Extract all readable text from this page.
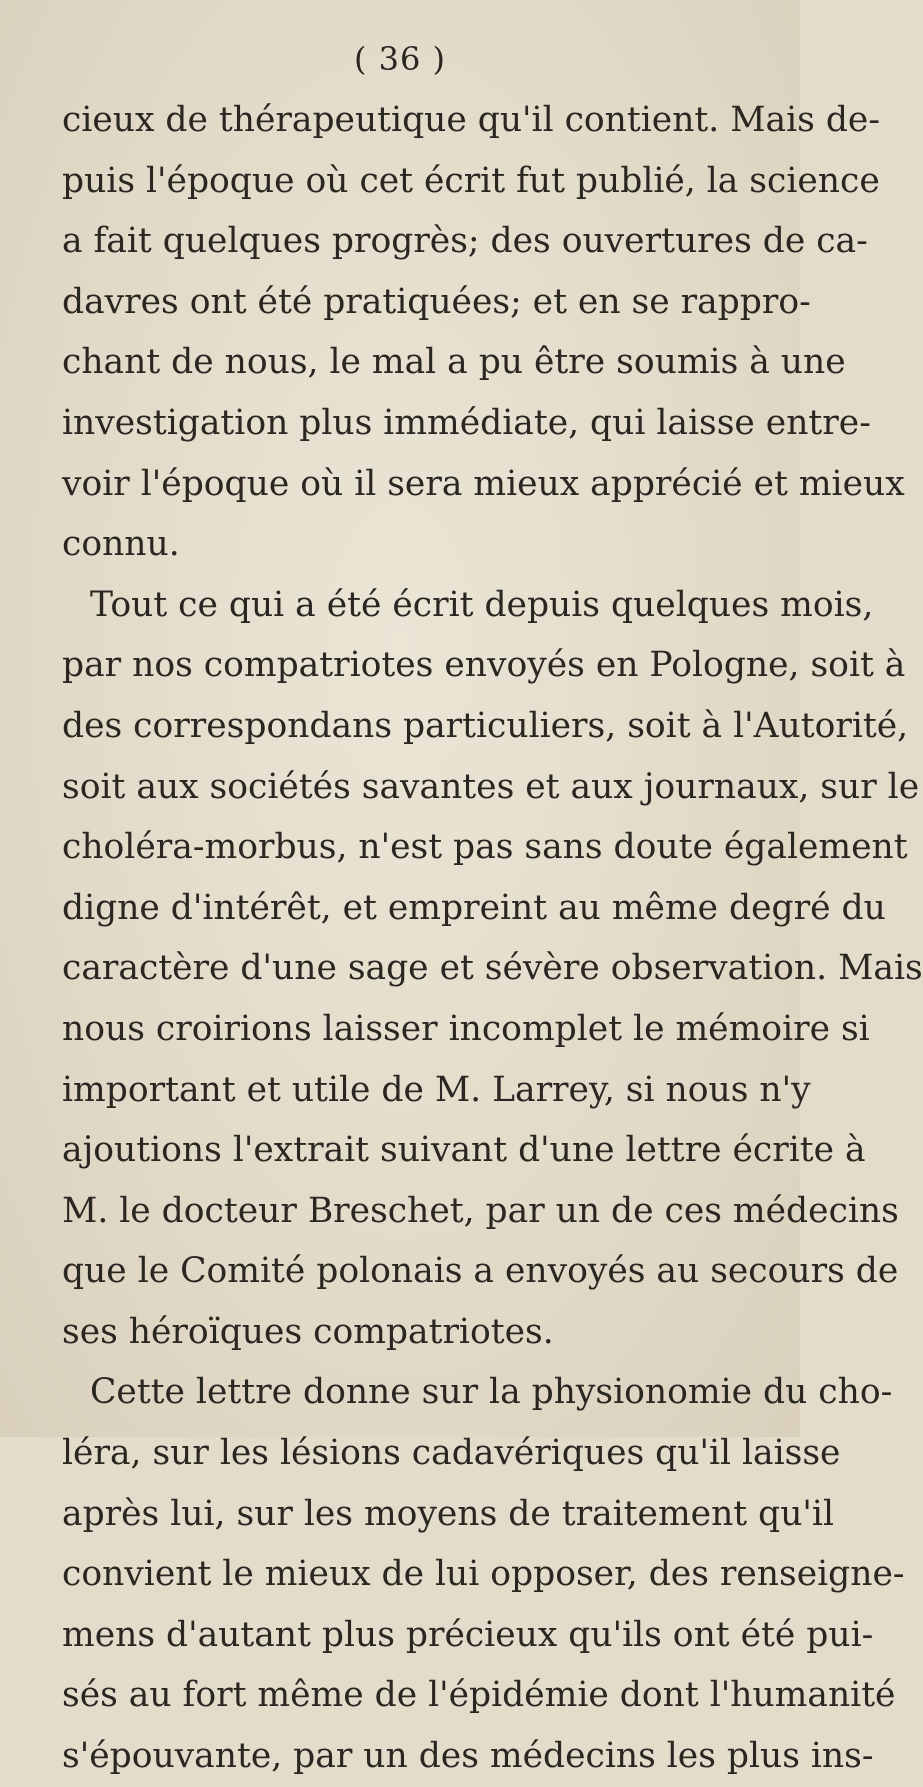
( 36 )
cieux de thérapeutique qu'il contient. Mais de-
puis l'époque où cet écrit fut publié, la science
a fait quelques progrès; des ouvertures de ca-
davres ont été pratiquées; et en se rappro-
chant de nous, le mal a pu être soumis à une
investigation plus immédiate, qui laisse entre-
voir l'époque où il sera mieux apprécié et mieux
connu.
Tout ce qui a été écrit depuis quelques mois,
par nos compatriotes envoyés en Pologne, soit à
des correspondans particuliers, soit à l'Autorité,
soit aux sociétés savantes et aux journaux, sur le
choléra-morbus, n'est pas sans doute également
digne d'intérêt, et empreint au même degré du
caractère d'une sage et sévère observation. Mais
nous croirions laisser incomplet le mémoire si
important et utile de M. Larrey, si nous n'y
ajoutions l'extrait suivant d'une lettre écrite à
M. le docteur Breschet, par un de ces médecins
que le Comité polonais a envoyés au secours de
ses héroïques compatriotes.
Cette lettre donne sur la physionomie du cho-
léra, sur les lésions cadavériques qu'il laisse
après lui, sur les moyens de traitement qu'il
convient le mieux de lui opposer, des renseigne-
mens d'autant plus précieux qu'ils ont été pui-
sés au fort même de l'épidémie dont l'humanité
s'épouvante, par un des médecins les plus ins-
